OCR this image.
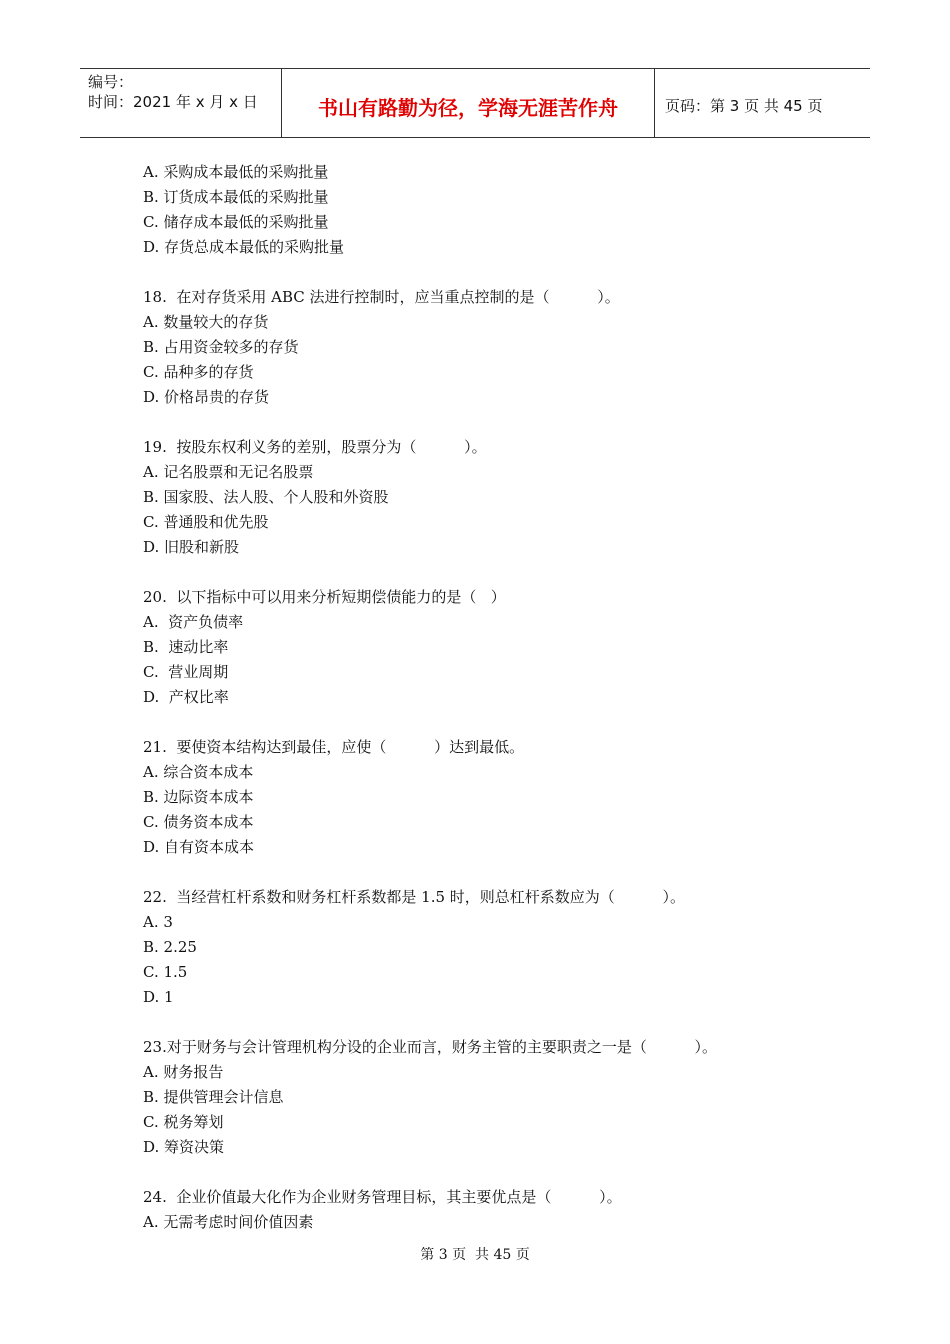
编号：
时间：2021 年 x 月 x 日	书山有路勤为径，学海无涯苦作舟	页码：第 3 页 共 45 页
A. 采购成本最低的采购批量
B. 订货成本最低的采购批量
C. 储存成本最低的采购批量
D. 存货总成本最低的采购批量
18.  在对存货采用 ABC 法进行控制时，应当重点控制的是（          ）。
A. 数量较大的存货
B. 占用资金较多的存货
C. 品种多的存货
D. 价格昂贵的存货
19.  按股东权利义务的差别，股票分为（          ）。
A. 记名股票和无记名股票
B. 国家股、法人股、个人股和外资股
C. 普通股和优先股
D. 旧股和新股
20.  以下指标中可以用来分析短期偿债能力的是（   ）
A.  资产负债率
B.  速动比率
C.  营业周期
D.  产权比率
21.  要使资本结构达到最佳，应使（          ）达到最低。
A. 综合资本成本
B. 边际资本成本
C. 债务资本成本
D. 自有资本成本
22.  当经营杠杆系数和财务杠杆系数都是 1.5 时，则总杠杆系数应为（          ）。
A. 3
B. 2.25
C. 1.5
D. 1
23.对于财务与会计管理机构分设的企业而言，财务主管的主要职责之一是（          ）。
A. 财务报告
B. 提供管理会计信息
C. 税务筹划
D. 筹资决策
24.  企业价值最大化作为企业财务管理目标，其主要优点是（          ）。
A. 无需考虑时间价值因素
第 3 页  共 45 页
